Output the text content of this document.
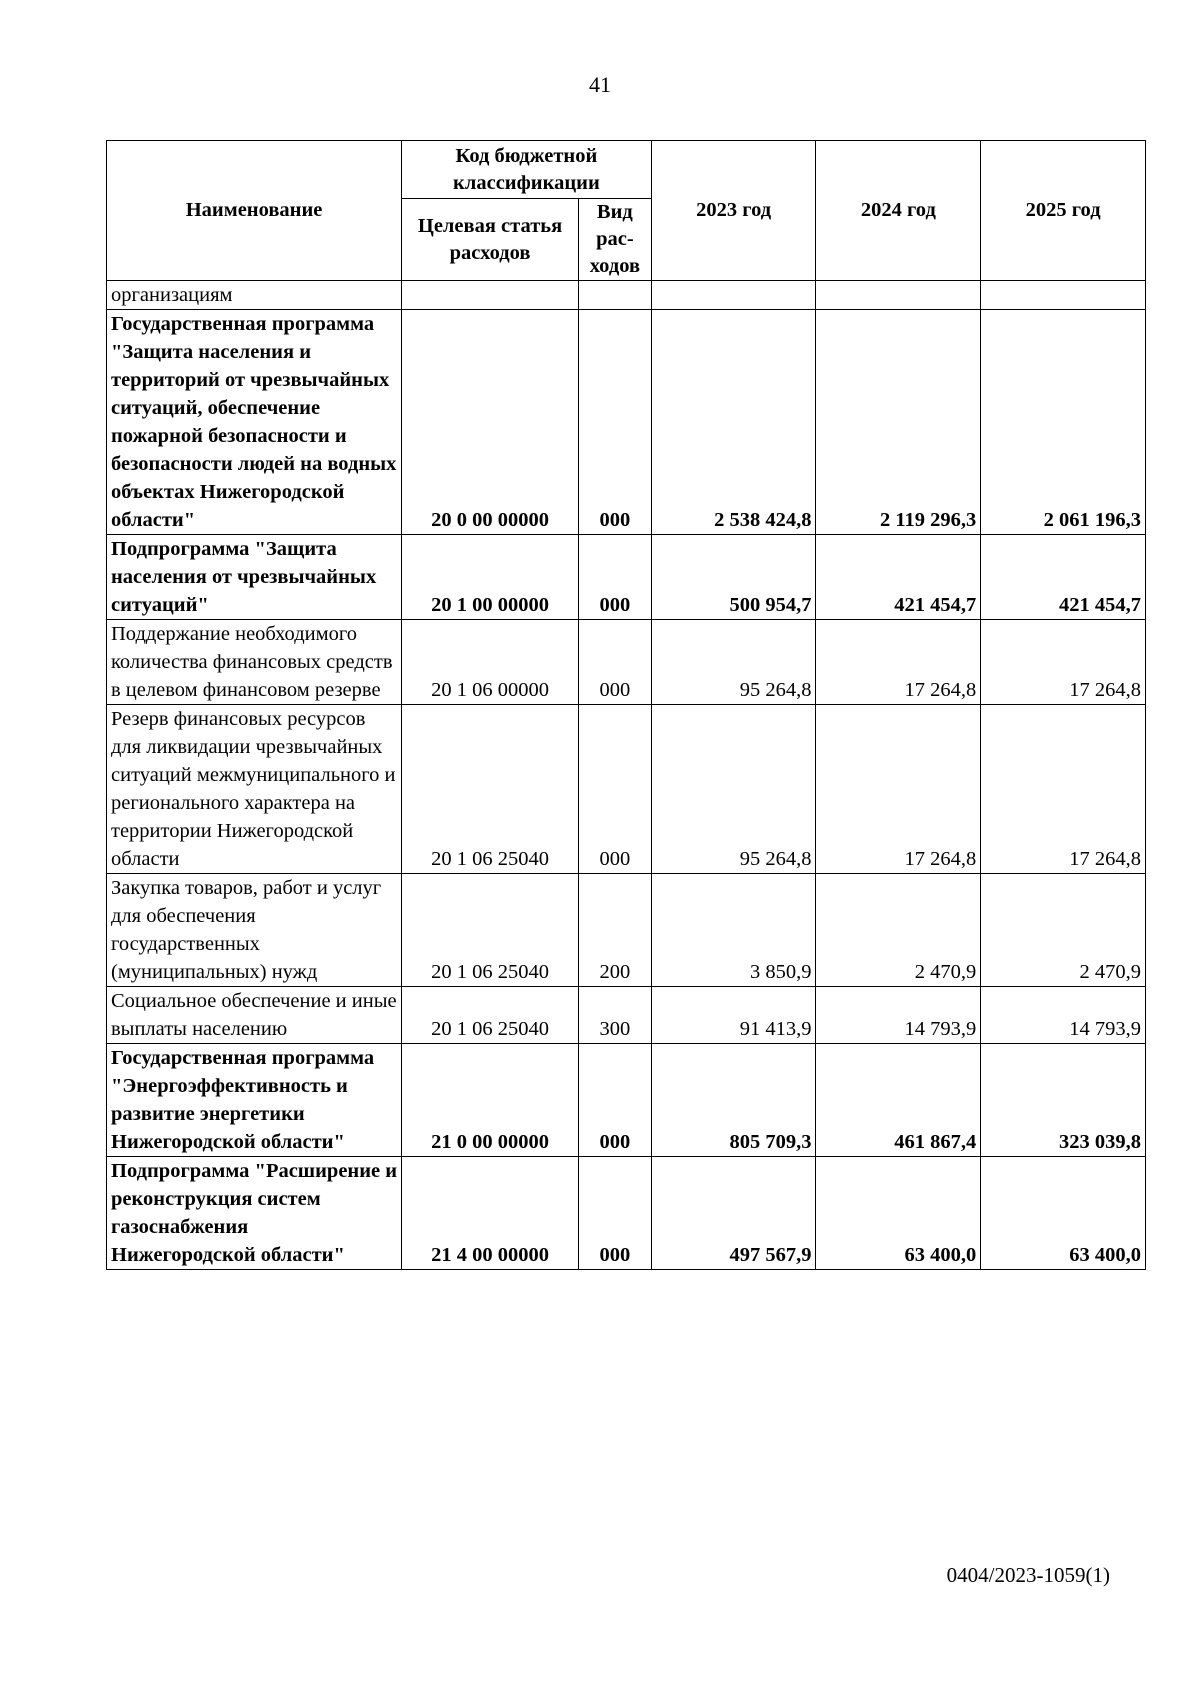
41
Наименование	Код бюджетной классификации		2023 год	2024 год	2025 год
	Целевая статья расходов	Вид рас-ходов			
организациям					
Государственная программа "Защита населения и территорий от чрезвычайных ситуаций, обеспечение пожарной безопасности и безопасности людей на водных объектах Нижегородской области"	20 0 00 00000	000	2 538 424,8	2 119 296,3	2 061 196,3
Подпрограмма "Защита населения от чрезвычайных ситуаций"	20 1 00 00000	000	500 954,7	421 454,7	421 454,7
Поддержание необходимого количества финансовых средств в целевом финансовом резерве	20 1 06 00000	000	95 264,8	17 264,8	17 264,8
Резерв финансовых ресурсов для ликвидации чрезвычайных ситуаций межмуниципального и регионального характера на территории Нижегородской области	20 1 06 25040	000	95 264,8	17 264,8	17 264,8
Закупка товаров, работ и услуг для обеспечения государственных (муниципальных) нужд	20 1 06 25040	200	3 850,9	2 470,9	2 470,9
Социальное обеспечение и иные выплаты населению	20 1 06 25040	300	91 413,9	14 793,9	14 793,9
Государственная программа "Энергоэффективность и развитие энергетики Нижегородской области"	21 0 00 00000	000	805 709,3	461 867,4	323 039,8
Подпрограмма "Расширение и реконструкция систем газоснабжения Нижегородской области"	21 4 00 00000	000	497 567,9	63 400,0	63 400,0
0404/2023-1059(1)
